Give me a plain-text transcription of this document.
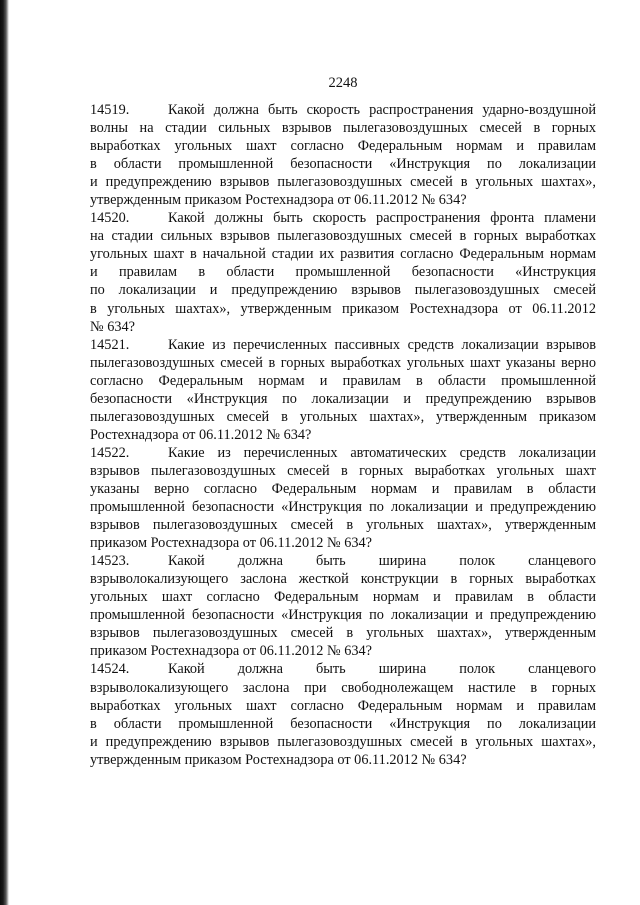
2248
14519.	Какой должна быть скорость распространения ударно-воздушной
волны на стадии сильных взрывов пылегазовоздушных смесей в горных
выработках угольных шахт согласно Федеральным нормам и правилам
в области промышленной безопасности «Инструкция по локализации
и предупреждению взрывов пылегазовоздушных смесей в угольных шахтах»,
утвержденным приказом Ростехнадзора от 06.11.2012 № 634?
14520.	Какой должны быть скорость распространения фронта пламени
на стадии сильных взрывов пылегазовоздушных смесей в горных выработках
угольных шахт в начальной стадии их развития согласно Федеральным нормам
и правилам в области промышленной безопасности «Инструкция
по локализации и предупреждению взрывов пылегазовоздушных смесей
в угольных шахтах», утвержденным приказом Ростехнадзора от 06.11.2012
№ 634?
14521.	Какие из перечисленных пассивных средств локализации взрывов
пылегазовоздушных смесей в горных выработках угольных шахт указаны верно
согласно Федеральным нормам и правилам в области промышленной
безопасности «Инструкция по локализации и предупреждению взрывов
пылегазовоздушных смесей в угольных шахтах», утвержденным приказом
Ростехнадзора от 06.11.2012 № 634?
14522.	Какие из перечисленных автоматических средств локализации
взрывов пылегазовоздушных смесей в горных выработках угольных шахт
указаны верно согласно Федеральным нормам и правилам в области
промышленной безопасности «Инструкция по локализации и предупреждению
взрывов пылегазовоздушных смесей в угольных шахтах», утвержденным
приказом Ростехнадзора от 06.11.2012 № 634?
14523.	Какой должна быть ширина полок сланцевого
взрыволокализующего заслона жесткой конструкции в горных выработках
угольных шахт согласно Федеральным нормам и правилам в области
промышленной безопасности «Инструкция по локализации и предупреждению
взрывов пылегазовоздушных смесей в угольных шахтах», утвержденным
приказом Ростехнадзора от 06.11.2012 № 634?
14524.	Какой должна быть ширина полок сланцевого
взрыволокализующего заслона при свободнолежащем настиле в горных
выработках угольных шахт согласно Федеральным нормам и правилам
в области промышленной безопасности «Инструкция по локализации
и предупреждению взрывов пылегазовоздушных смесей в угольных шахтах»,
утвержденным приказом Ростехнадзора от 06.11.2012 № 634?
